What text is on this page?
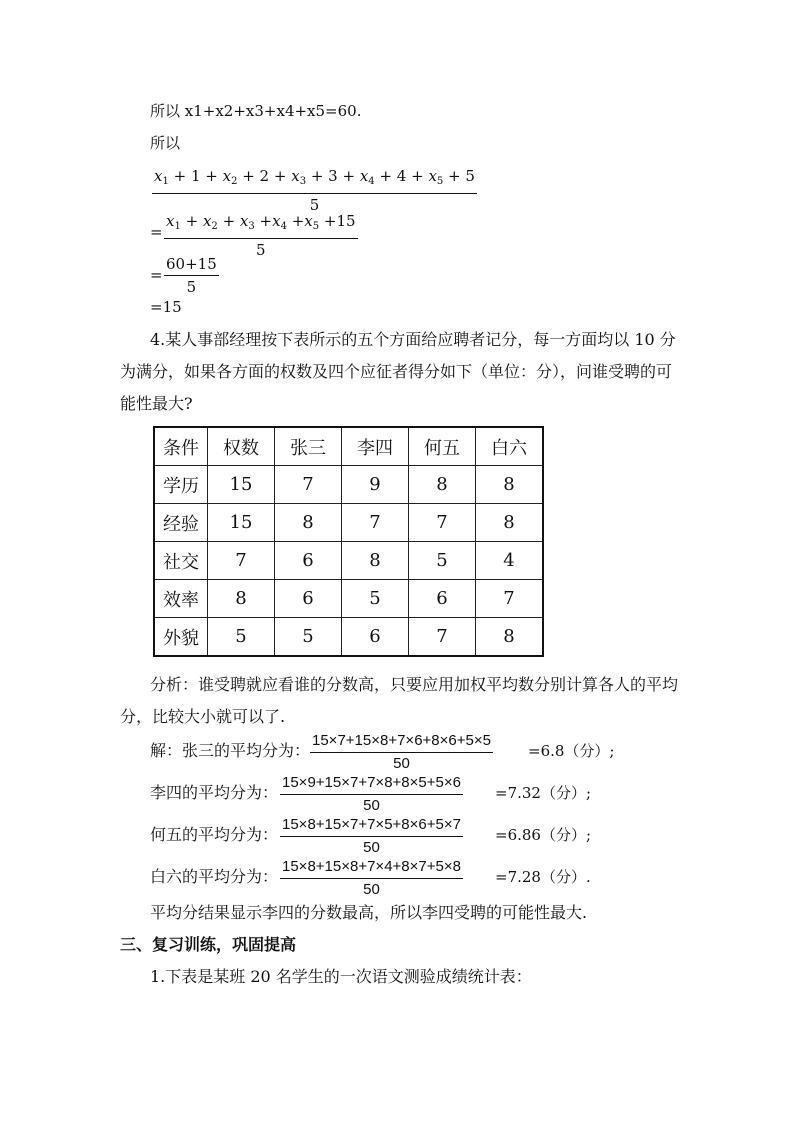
所以 x1+x2+x3+x4+x5=60.
所以
$\frac{x_1 + 1 + x_2 + 2 + x_3 + 3 + x_4 + 4 + x_5 + 5}{5}$
= $\frac{x_1 + x_2 + x_3 +x_4 +x_5 +15}{5}$
= $\frac{60+15}{5}$
=15
4.某人事部经理按下表所示的五个方面给应聘者记分，每一方面均以 10 分
为满分，如果各方面的权数及四个应征者得分如下（单位：分），问谁受聘的可
能性最大?
条件	权数	张三	李四	何五	白六
学历	15	7	9	8	8
经验	15	8	7	7	8
社交	7	6	8	5	4
效率	8	6	5	6	7
外貌	5	5	6	7	8
分析：谁受聘就应看谁的分数高，只要应用加权平均数分别计算各人的平均
分，比较大小就可以了.
解：张三的平均分为： $\frac{15\times 7+15\times 8+7\times 6+8\times 6+5\times 5}{50} =6.8$（分）;
李四的平均分为： $\frac{15\times 9+15\times 7+7\times 8+8\times 5+5\times 6}{50} =7.32$（分）;
何五的平均分为： $\frac{15\times 8+15\times 7+7\times 5+8\times 6+5\times 7}{50} =6.86$（分）;
白六的平均分为： $\frac{15\times 8+15\times 8+7\times 4+8\times 7+5\times 8}{50} =7.28$（分）.
平均分结果显示李四的分数最高，所以李四受聘的可能性最大.
三、复习训练，巩固提高
1.下表是某班 20 名学生的一次语文测验成绩统计表：
